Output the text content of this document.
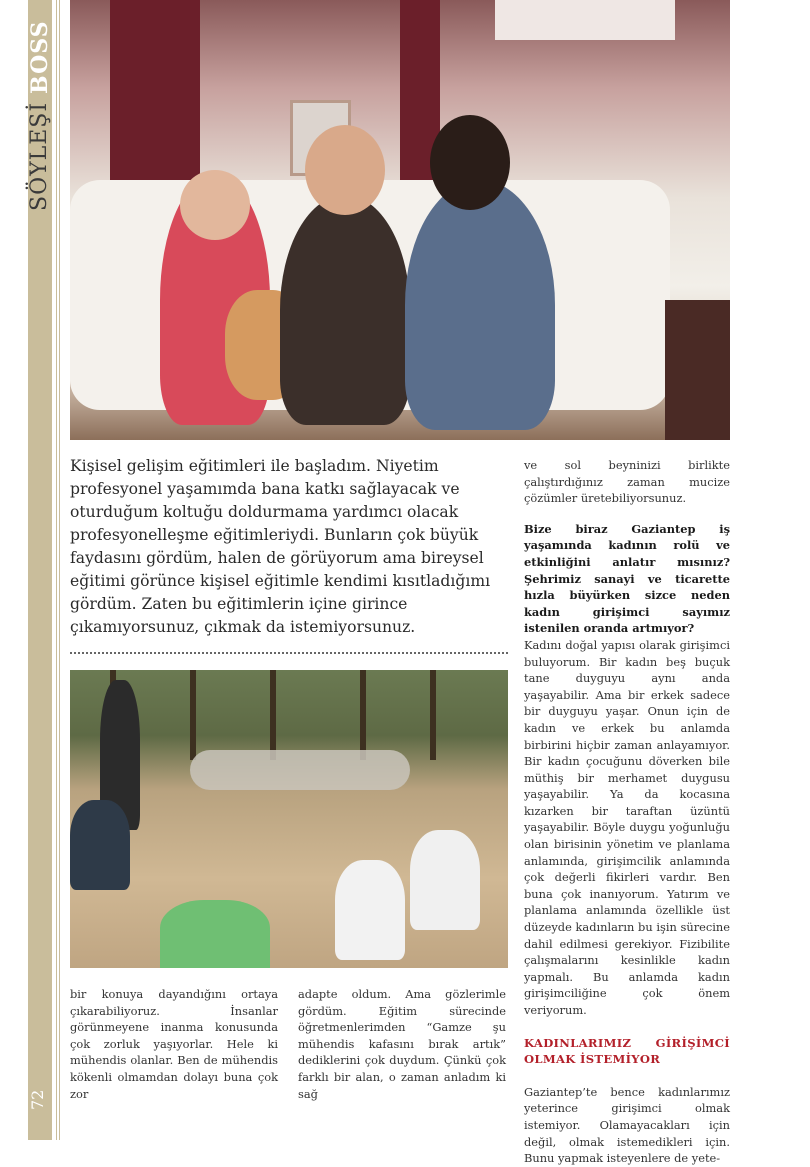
SÖYLEŞİ BOSS
72

Kişisel gelişim eğitimleri ile başladım. Niyetim profesyonel yaşamımda bana katkı sağlayacak ve oturduğum koltuğu doldurmama yardımcı olacak profesyonelleşme eğitimleriydi. Bunların çok büyük faydasını gördüm, halen de görüyorum ama bireysel eğitimi görünce kişisel eğitimle kendimi kısıtladığımı gördüm. Zaten bu eğitimlerin içine girince çıkamıyorsunuz, çıkmak da istemiyorsunuz.

ve sol beyninizi birlikte çalıştırdığınız zaman mucize çözümler üretebiliyorsunuz.

Bize biraz Gaziantep iş yaşamında kadının rolü ve etkinliğini anlatır mısınız? Şehrimiz sanayi ve ticarette hızla büyürken sizce neden kadın girişimci sayımız istenilen oranda artmıyor?

Kadını doğal yapısı olarak girişimci buluyorum. Bir kadın beş buçuk tane duyguyu aynı anda yaşayabilir. Ama bir erkek sadece bir duyguyu yaşar. Onun için de kadın ve erkek bu anlamda birbirini hiçbir zaman anlayamıyor. Bir kadın çocuğunu döverken bile müthiş bir merhamet duygusu yaşayabilir. Ya da kocasına kızarken bir taraftan üzüntü yaşayabilir. Böyle duygu yoğunluğu olan birisinin yönetim ve planlama anlamında, girişimcilik anlamında çok değerli fikirleri vardır. Ben buna çok inanıyorum. Yatırım ve planlama anlamında özellikle üst düzeyde kadınların bu işin sürecine dahil edilmesi gerekiyor. Fizibilite çalışmalarını kesinlikle kadın yapmalı. Bu anlamda kadın girişimciliğine çok önem veriyorum.

KADINLARIMIZ GİRİŞİMCİ OLMAK İSTEMİYOR

Gaziantep’te bence kadınlarımız yeterince girişimci olmak istemiyor. Olamayacakları için değil, olmak istemedikleri için. Bunu yapmak isteyenlere de yete-

bir konuya dayandığını ortaya çıkarabiliyoruz. İnsanlar görünmeyene inanma konusunda çok zorluk yaşıyorlar. Hele ki mühendis olanlar. Ben de mühendis kökenli olmamdan dolayı buna çok zor

adapte oldum. Ama gözlerimle gördüm. Eğitim sürecinde öğretmenlerimden “Gamze şu mühendis kafasını bırak artık” dediklerini çok duydum. Çünkü çok farklı bir alan, o zaman anladım ki sağ
